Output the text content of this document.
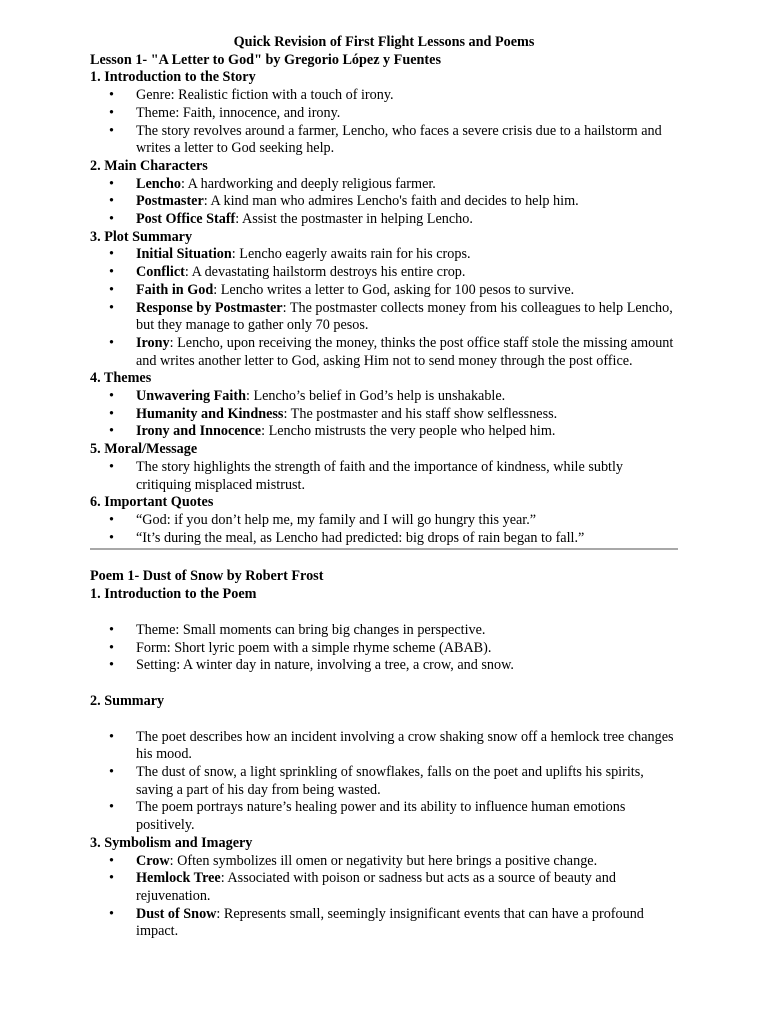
Quick Revision of First Flight Lessons and Poems

Lesson 1- "A Letter to God" by Gregorio López y Fuentes

1. Introduction to the Story

• Genre: Realistic fiction with a touch of irony.
• Theme: Faith, innocence, and irony.
• The story revolves around a farmer, Lencho, who faces a severe crisis due to a hailstorm and writes a letter to God seeking help.

2. Main Characters

• Lencho: A hardworking and deeply religious farmer.
• Postmaster: A kind man who admires Lencho's faith and decides to help him.
• Post Office Staff: Assist the postmaster in helping Lencho.

3. Plot Summary

• Initial Situation: Lencho eagerly awaits rain for his crops.
• Conflict: A devastating hailstorm destroys his entire crop.
• Faith in God: Lencho writes a letter to God, asking for 100 pesos to survive.
• Response by Postmaster: The postmaster collects money from his colleagues to help Lencho, but they manage to gather only 70 pesos.
• Irony: Lencho, upon receiving the money, thinks the post office staff stole the missing amount and writes another letter to God, asking Him not to send money through the post office.

4. Themes

• Unwavering Faith: Lencho’s belief in God’s help is unshakable.
• Humanity and Kindness: The postmaster and his staff show selflessness.
• Irony and Innocence: Lencho mistrusts the very people who helped him.

5. Moral/Message

• The story highlights the strength of faith and the importance of kindness, while subtly critiquing misplaced mistrust.

6. Important Quotes

• “God: if you don’t help me, my family and I will go hungry this year.”
• “It’s during the meal, as Lencho had predicted: big drops of rain began to fall.”

Poem 1- Dust of Snow by Robert Frost

1. Introduction to the Poem

• Theme: Small moments can bring big changes in perspective.
• Form: Short lyric poem with a simple rhyme scheme (ABAB).
• Setting: A winter day in nature, involving a tree, a crow, and snow.

2. Summary

• The poet describes how an incident involving a crow shaking snow off a hemlock tree changes his mood.
• The dust of snow, a light sprinkling of snowflakes, falls on the poet and uplifts his spirits, saving a part of his day from being wasted.
• The poem portrays nature’s healing power and its ability to influence human emotions positively.

3. Symbolism and Imagery

• Crow: Often symbolizes ill omen or negativity but here brings a positive change.
• Hemlock Tree: Associated with poison or sadness but acts as a source of beauty and rejuvenation.
• Dust of Snow: Represents small, seemingly insignificant events that can have a profound impact.
